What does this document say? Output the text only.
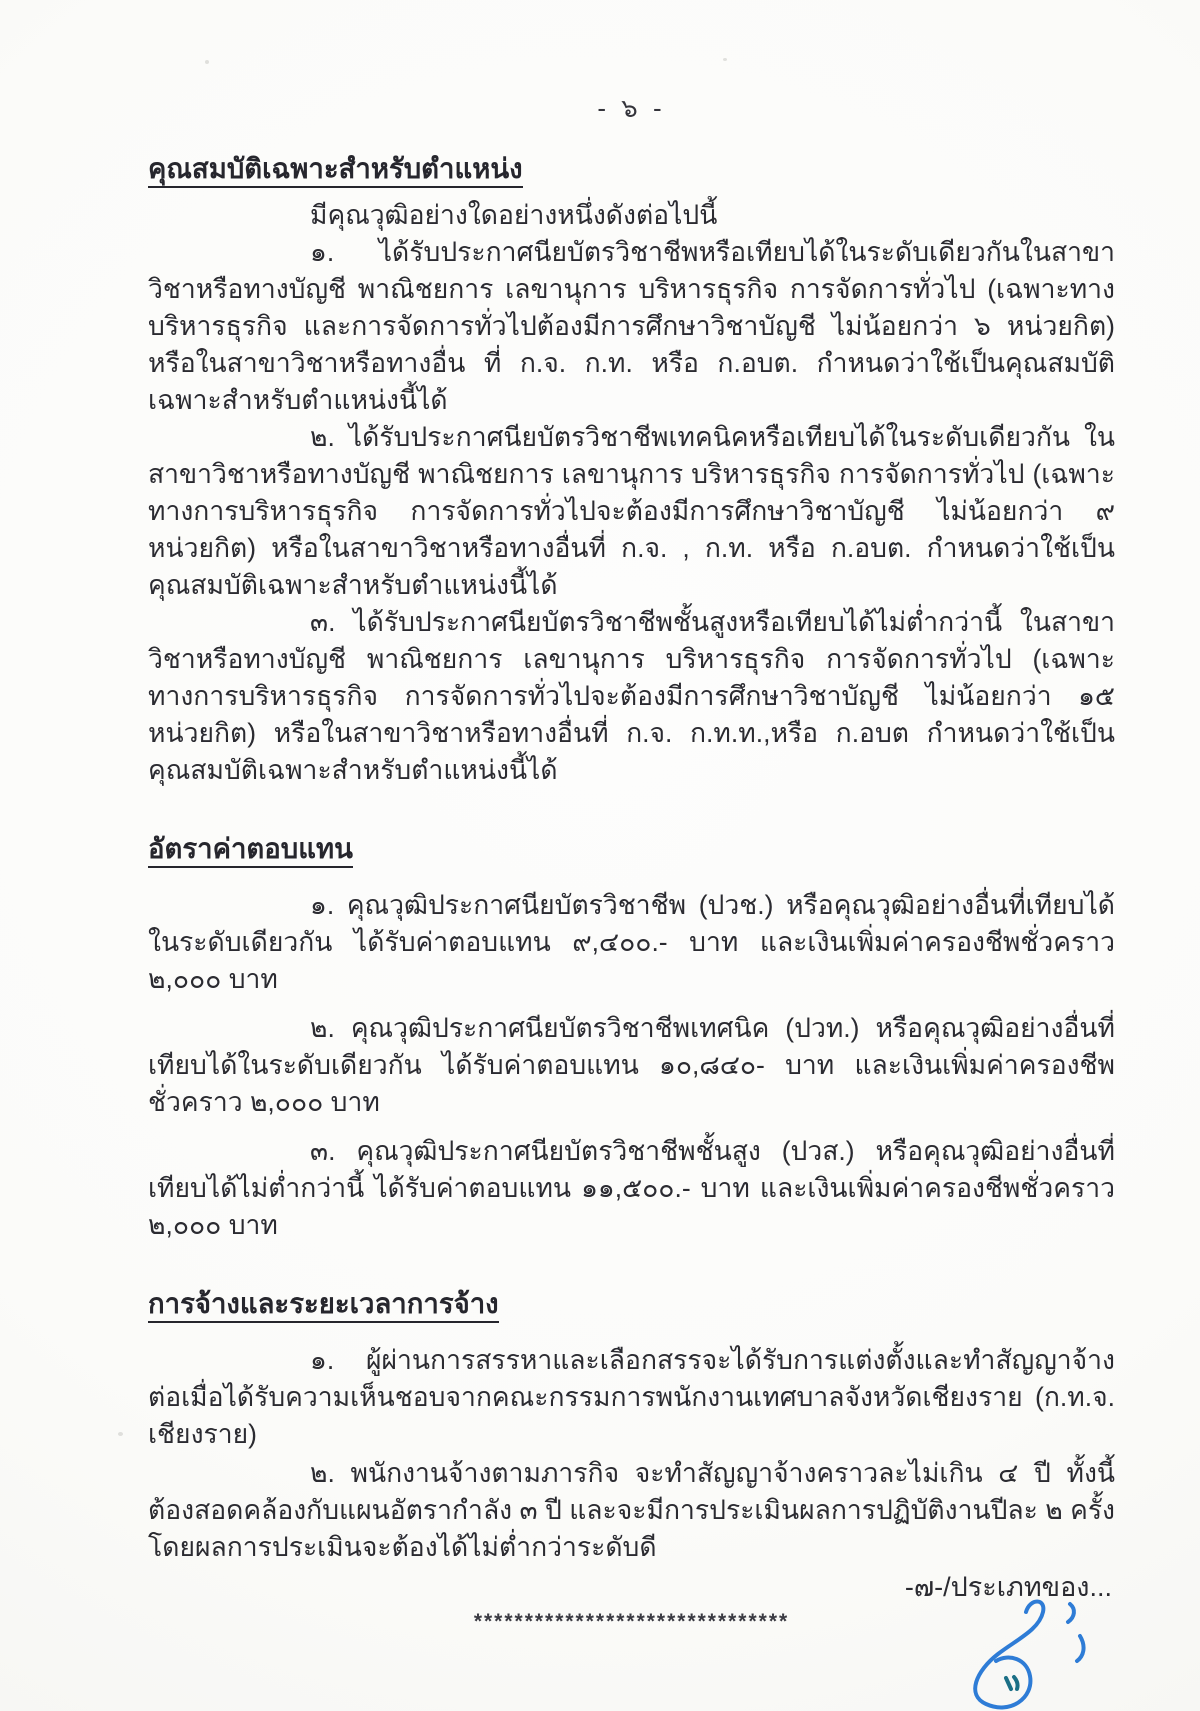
- ๖ -
คุณสมบัติเฉพาะสำหรับตำแหน่ง

มีคุณวุฒิอย่างใดอย่างหนึ่งดังต่อไปนี้

๑. ได้รับประกาศนียบัตรวิชาชีพหรือเทียบได้ในระดับเดียวกันในสาขาวิชาหรือทางบัญชี พาณิชยการ เลขานุการ บริหารธุรกิจ การจัดการทั่วไป (เฉพาะทางบริหารธุรกิจ และการจัดการทั่วไปต้องมีการศึกษาวิชาบัญชี ไม่น้อยกว่า ๖ หน่วยกิต) หรือในสาขาวิชาหรือทางอื่น ที่ ก.จ. ก.ท. หรือ ก.อบต. กำหนดว่าใช้เป็นคุณสมบัติเฉพาะสำหรับตำแหน่งนี้ได้

๒. ได้รับประกาศนียบัตรวิชาชีพเทคนิคหรือเทียบได้ในระดับเดียวกัน ในสาขาวิชาหรือทางบัญชี พาณิชยการ เลขานุการ บริหารธุรกิจ การจัดการทั่วไป (เฉพาะทางการบริหารธุรกิจ การจัดการทั่วไปจะต้องมีการศึกษาวิชาบัญชี ไม่น้อยกว่า ๙ หน่วยกิต) หรือในสาขาวิชาหรือทางอื่นที่ ก.จ. , ก.ท. หรือ ก.อบต. กำหนดว่าใช้เป็นคุณสมบัติเฉพาะสำหรับตำแหน่งนี้ได้

๓. ได้รับประกาศนียบัตรวิชาชีพชั้นสูงหรือเทียบได้ไม่ต่ำกว่านี้ ในสาขาวิชาหรือทางบัญชี พาณิชยการ เลขานุการ บริหารธุรกิจ การจัดการทั่วไป (เฉพาะทางการบริหารธุรกิจ การจัดการทั่วไปจะต้องมีการศึกษาวิชาบัญชี ไม่น้อยกว่า ๑๕ หน่วยกิต) หรือในสาขาวิชาหรือทางอื่นที่ ก.จ. ก.ท.ท.,หรือ ก.อบต กำหนดว่าใช้เป็นคุณสมบัติเฉพาะสำหรับตำแหน่งนี้ได้

อัตราค่าตอบแทน

๑. คุณวุฒิประกาศนียบัตรวิชาชีพ (ปวช.) หรือคุณวุฒิอย่างอื่นที่เทียบได้ในระดับเดียวกัน ได้รับค่าตอบแทน ๙,๔๐๐.- บาท และเงินเพิ่มค่าครองชีพชั่วคราว ๒,๐๐๐ บาท

๒. คุณวุฒิประกาศนียบัตรวิชาชีพเทศนิค (ปวท.) หรือคุณวุฒิอย่างอื่นที่เทียบได้ในระดับเดียวกัน ได้รับค่าตอบแทน ๑๐,๘๔๐- บาท และเงินเพิ่มค่าครองชีพชั่วคราว ๒,๐๐๐ บาท

๓. คุณวุฒิประกาศนียบัตรวิชาชีพชั้นสูง (ปวส.) หรือคุณวุฒิอย่างอื่นที่เทียบได้ไม่ต่ำกว่านี้ ได้รับค่าตอบแทน ๑๑,๕๐๐.- บาท และเงินเพิ่มค่าครองชีพชั่วคราว ๒,๐๐๐ บาท

การจ้างและระยะเวลาการจ้าง

๑. ผู้ผ่านการสรรหาและเลือกสรรจะได้รับการแต่งตั้งและทำสัญญาจ้างต่อเมื่อได้รับความเห็นชอบจากคณะกรรมการพนักงานเทศบาลจังหวัดเชียงราย (ก.ท.จ. เชียงราย)

๒. พนักงานจ้างตามภารกิจ จะทำสัญญาจ้างคราวละไม่เกิน ๔ ปี ทั้งนี้ต้องสอดคล้องกับแผนอัตรากำลัง ๓ ปี และจะมีการประเมินผลการปฏิบัติงานปีละ ๒ ครั้ง โดยผลการประเมินจะต้องได้ไม่ต่ำกว่าระดับดี

*******************************
-๗-/ประเภทของ...
